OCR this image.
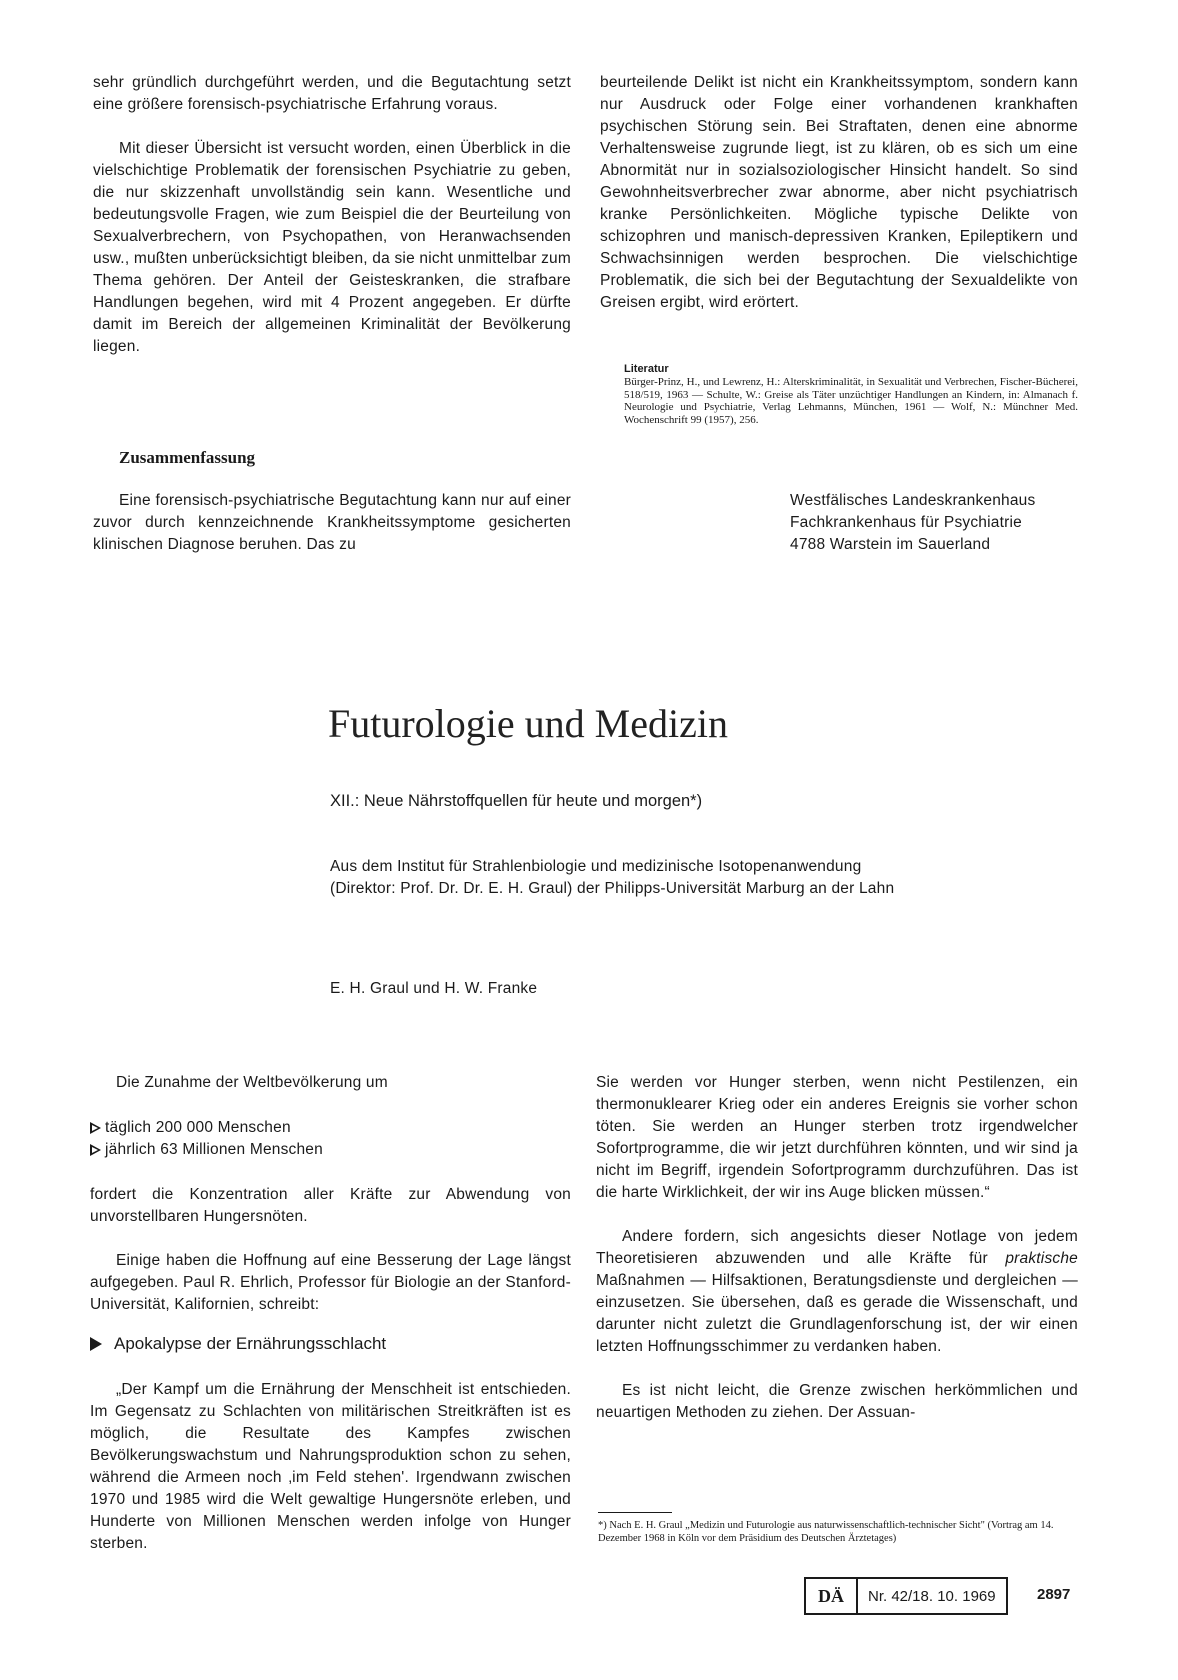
sehr gründlich durchgeführt werden, und die Begutachtung setzt eine größere forensisch-psychiatrische Erfahrung voraus.

Mit dieser Übersicht ist versucht worden, einen Überblick in die vielschichtige Problematik der forensischen Psychiatrie zu geben, die nur skizzenhaft unvollständig sein kann. Wesentliche und bedeutungsvolle Fragen, wie zum Beispiel die der Beurteilung von Sexualverbrechern, von Psychopathen, von Heranwachsenden usw., mußten unberücksichtigt bleiben, da sie nicht unmittelbar zum Thema gehören. Der Anteil der Geisteskranken, die strafbare Handlungen begehen, wird mit 4 Prozent angegeben. Er dürfte damit im Bereich der allgemeinen Kriminalität der Bevölkerung liegen.

Zusammenfassung
Eine forensisch-psychiatrische Begutachtung kann nur auf einer zuvor durch kennzeichnende Krankheitssymptome gesicherten klinischen Diagnose beruhen. Das zu
beurteilende Delikt ist nicht ein Krankheitssymptom, sondern kann nur Ausdruck oder Folge einer vorhandenen krankhaften psychischen Störung sein. Bei Straftaten, denen eine abnorme Verhaltensweise zugrunde liegt, ist zu klären, ob es sich um eine Abnormität nur in sozialsoziologischer Hinsicht handelt. So sind Gewohnheitsverbrecher zwar abnorme, aber nicht psychiatrisch kranke Persönlichkeiten. Mögliche typische Delikte von schizophren und manisch-depressiven Kranken, Epileptikern und Schwachsinnigen werden besprochen. Die vielschichtige Problematik, die sich bei der Begutachtung der Sexualdelikte von Greisen ergibt, wird erörtert.
Literatur
Bürger-Prinz, H., und Lewrenz, H.: Alterskriminalität, in Sexualität und Verbrechen, Fischer-Bücherei, 518/519, 1963 — Schulte, W.: Greise als Täter unzüchtiger Handlungen an Kindern, in: Almanach f. Neurologie und Psychiatrie, Verlag Lehmanns, München, 1961 — Wolf, N.: Münchner Med. Wochenschrift 99 (1957), 256.
Westfälisches Landeskrankenhaus
Fachkrankenhaus für Psychiatrie
4788 Warstein im Sauerland
Futurologie und Medizin
XII.: Neue Nährstoffquellen für heute und morgen*)
Aus dem Institut für Strahlenbiologie und medizinische Isotopenanwendung
(Direktor: Prof. Dr. Dr. E. H. Graul) der Philipps-Universität Marburg an der Lahn
E. H. Graul und H. W. Franke
Die Zunahme der Weltbevölkerung um
täglich 200 000 Menschen
jährlich 63 Millionen Menschen

fordert die Konzentration aller Kräfte zur Abwendung von unvorstellbaren Hungersnöten.

Einige haben die Hoffnung auf eine Besserung der Lage längst aufgegeben. Paul R. Ehrlich, Professor für Biologie an der Stanford-Universität, Kalifornien, schreibt:

Apokalypse der Ernährungsschlacht
„Der Kampf um die Ernährung der Menschheit ist entschieden. Im Gegensatz zu Schlachten von militärischen Streitkräften ist es möglich, die Resultate des Kampfes zwischen Bevölkerungswachstum und Nahrungsproduktion schon zu sehen, während die Armeen noch ‚im Feld stehen'. Irgendwann zwischen 1970 und 1985 wird die Welt gewaltige Hungersnöte erleben, und Hunderte von Millionen Menschen werden infolge von Hunger sterben.

Sie werden vor Hunger sterben, wenn nicht Pestilenzen, ein thermonuklearer Krieg oder ein anderes Ereignis sie vorher schon töten. Sie werden an Hunger sterben trotz irgendwelcher Sofortprogramme, die wir jetzt durchführen könnten, und wir sind ja nicht im Begriff, irgendein Sofortprogramm durchzuführen. Das ist die harte Wirklichkeit, der wir ins Auge blicken müssen.“

Andere fordern, sich angesichts dieser Notlage von jedem Theoretisieren abzuwenden und alle Kräfte für praktische Maßnahmen — Hilfsaktionen, Beratungsdienste und dergleichen — einzusetzen. Sie übersehen, daß es gerade die Wissenschaft, und darunter nicht zuletzt die Grundlagenforschung ist, der wir einen letzten Hoffnungsschimmer zu verdanken haben.

Es ist nicht leicht, die Grenze zwischen herkömmlichen und neuartigen Methoden zu ziehen. Der Assuan-

*) Nach E. H. Graul „Medizin und Futurologie aus naturwissenschaftlich-technischer Sicht" (Vortrag am 14. Dezember 1968 in Köln vor dem Präsidium des Deutschen Ärztetages)
DÄ	Nr. 42/18. 10. 1969	2897
